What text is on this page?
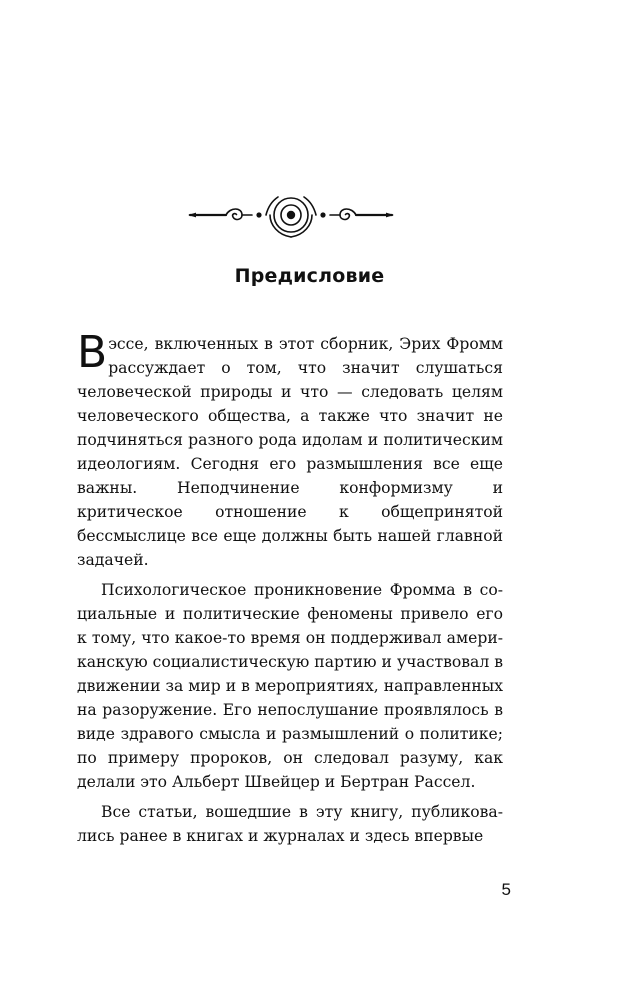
Предисловие

В эссе, включенных в этот сборник, Эрих Фромм рассуждает о том, что значит слушаться человеческой природы и что — следовать целям человеческого общества, а также что значит не подчиняться разного рода идолам и политическим идеологиям. Сегодня его размышления все еще важны. Неподчинение конформизму и критическое отношение к общепринятой бессмыслице все еще должны быть нашей главной задачей.

Психологическое проникновение Фромма в социальные и политические феномены привело его к тому, что какое-то время он поддерживал американскую социалистическую партию и участвовал в движении за мир и в мероприятиях, направленных на разоружение. Его непослушание проявлялось в виде здравого смысла и размышлений о политике; по примеру пророков, он следовал разуму, как делали это Альберт Швейцер и Бертран Рассел.

Все статьи, вошедшие в эту книгу, публиковались ранее в книгах и журналах и здесь впервые

5
